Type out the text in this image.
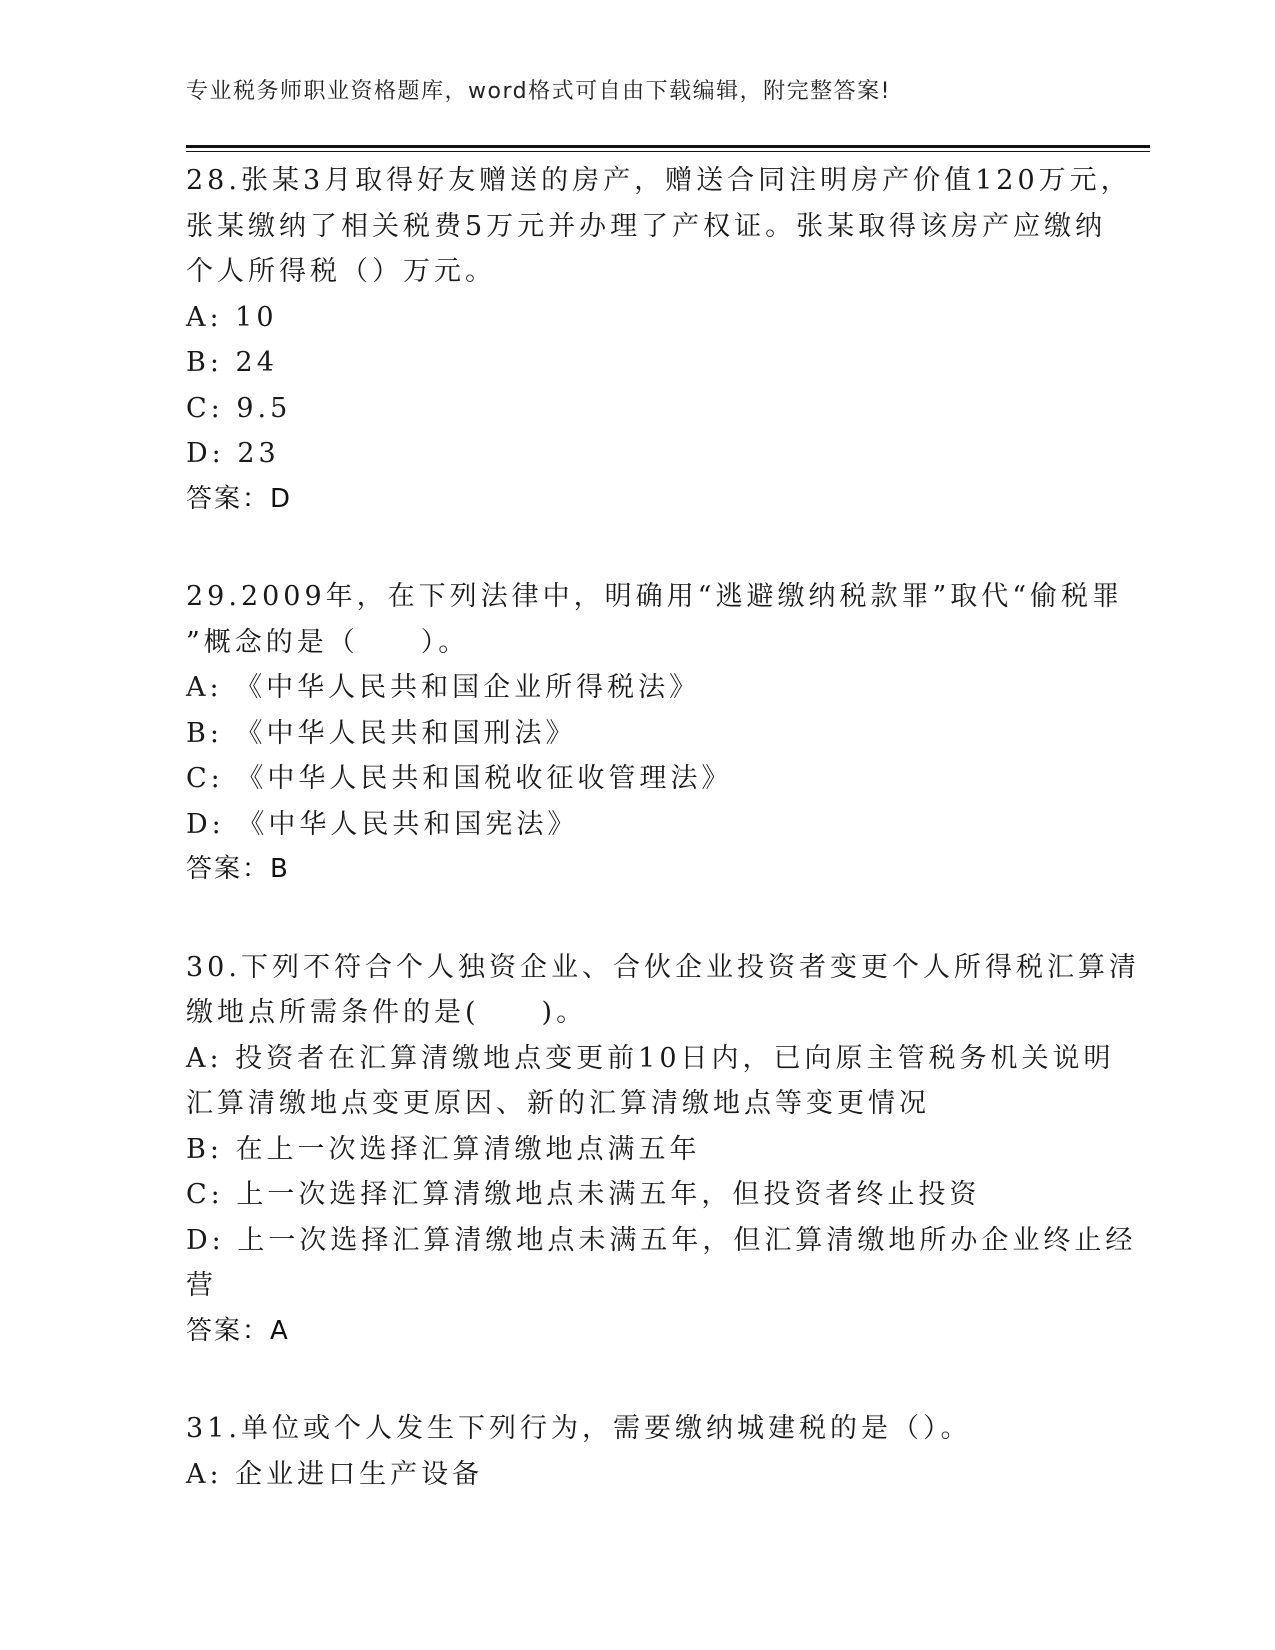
专业税务师职业资格题库，word格式可自由下载编辑，附完整答案!
28.张某3月取得好友赠送的房产，赠送合同注明房产价值120万元，
张某缴纳了相关税费5万元并办理了产权证。张某取得该房产应缴纳
个人所得税（）万元。
A: 10
B: 24
C: 9.5
D: 23
答案：D
29.2009年，在下列法律中，明确用“逃避缴纳税款罪”取代“偷税罪
”概念的是（　　）。
A: 《中华人民共和国企业所得税法》
B: 《中华人民共和国刑法》
C: 《中华人民共和国税收征收管理法》
D: 《中华人民共和国宪法》
答案：B
30.下列不符合个人独资企业、合伙企业投资者变更个人所得税汇算清
缴地点所需条件的是(　　)。
A: 投资者在汇算清缴地点变更前10日内，已向原主管税务机关说明
汇算清缴地点变更原因、新的汇算清缴地点等变更情况
B: 在上一次选择汇算清缴地点满五年
C: 上一次选择汇算清缴地点未满五年，但投资者终止投资
D: 上一次选择汇算清缴地点未满五年，但汇算清缴地所办企业终止经
营
答案：A
31.单位或个人发生下列行为，需要缴纳城建税的是（）。
A: 企业进口生产设备
